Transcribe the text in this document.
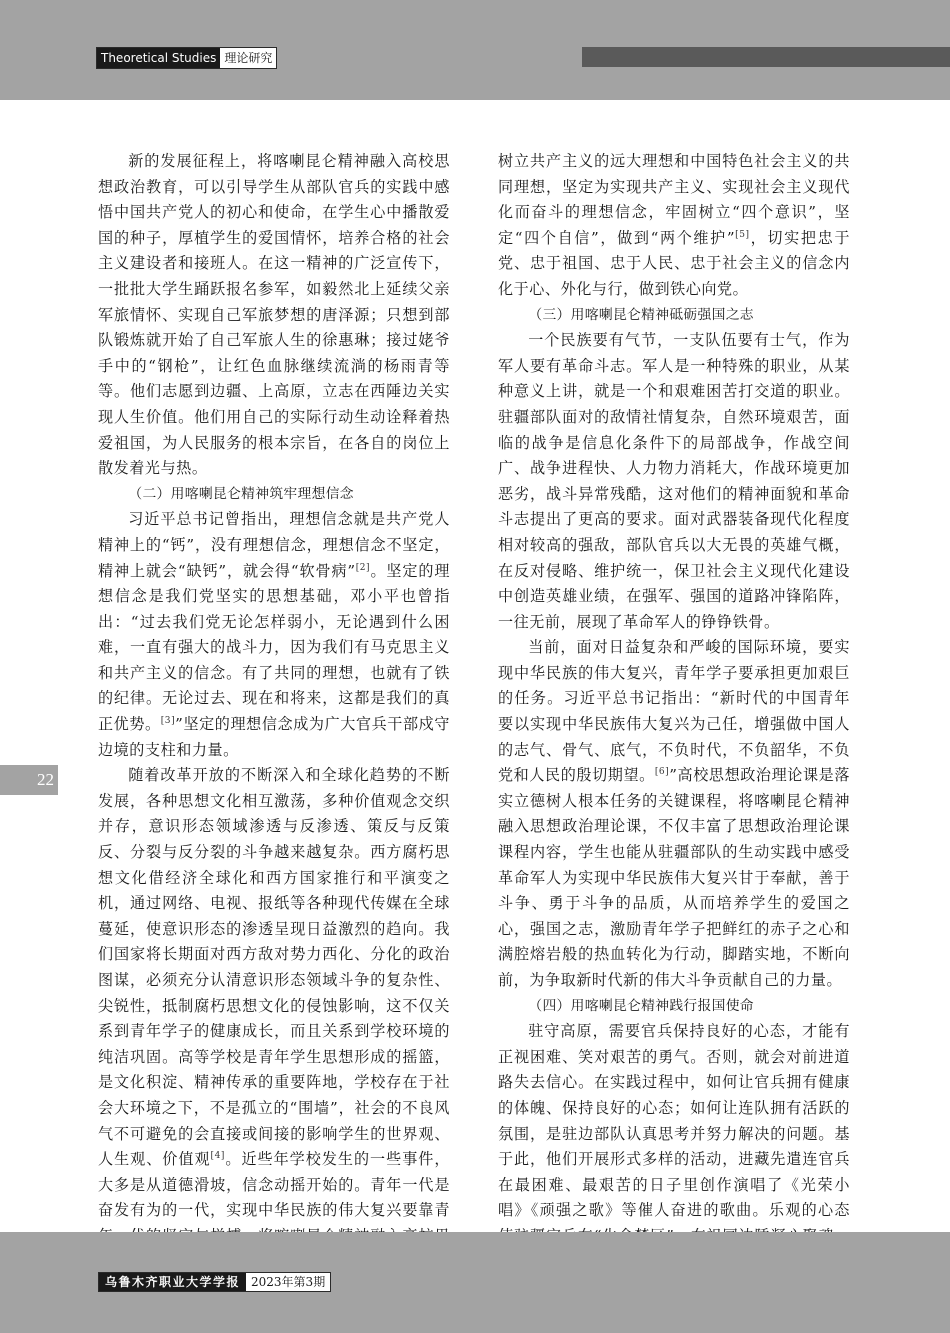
Theoretical Studies 理论研究
22

新的发展征程上，将喀喇昆仑精神融入高校思想政治教育，可以引导学生从部队官兵的实践中感悟中国共产党人的初心和使命，在学生心中播散爱国的种子，厚植学生的爱国情怀，培养合格的社会主义建设者和接班人。在这一精神的广泛宣传下，一批批大学生踊跃报名参军，如毅然北上延续父亲军旅情怀、实现自己军旅梦想的唐泽源；只想到部队锻炼就开始了自己军旅人生的徐惠琳；接过姥爷手中的“钢枪”，让红色血脉继续流淌的杨雨青等等。他们志愿到边疆、上高原，立志在西陲边关实现人生价值。他们用自己的实际行动生动诠释着热爱祖国，为人民服务的根本宗旨，在各自的岗位上散发着光与热。

（二）用喀喇昆仑精神筑牢理想信念

习近平总书记曾指出，理想信念就是共产党人精神上的“钙”，没有理想信念，理想信念不坚定，精神上就会“缺钙”，就会得“软骨病”[2]。坚定的理想信念是我们党坚实的思想基础，邓小平也曾指出：“过去我们党无论怎样弱小，无论遇到什么困难，一直有强大的战斗力，因为我们有马克思主义和共产主义的信念。有了共同的理想，也就有了铁的纪律。无论过去、现在和将来，这都是我们的真正优势。[3]”坚定的理想信念成为广大官兵干部戍守边境的支柱和力量。

随着改革开放的不断深入和全球化趋势的不断发展，各种思想文化相互激荡，多种价值观念交织并存，意识形态领域渗透与反渗透、策反与反策反、分裂与反分裂的斗争越来越复杂。西方腐朽思想文化借经济全球化和西方国家推行和平演变之机，通过网络、电视、报纸等各种现代传媒在全球蔓延，使意识形态的渗透呈现日益激烈的趋向。我们国家将长期面对西方敌对势力西化、分化的政治图谋，必须充分认清意识形态领域斗争的复杂性、尖锐性，抵制腐朽思想文化的侵蚀影响，这不仅关系到青年学子的健康成长，而且关系到学校环境的纯洁巩固。高等学校是青年学生思想形成的摇篮，是文化积淀、精神传承的重要阵地，学校存在于社会大环境之下，不是孤立的“围墙”，社会的不良风气不可避免的会直接或间接的影响学生的世界观、人生观、价值观[4]。近些年学校发生的一些事件，大多是从道德滑坡，信念动摇开始的。青年一代是奋发有为的一代，实现中华民族的伟大复兴要靠青

树立共产主义的远大理想和中国特色社会主义的共同理想，坚定为实现共产主义、实现社会主义现代化而奋斗的理想信念，牢固树立“四个意识”，坚定“四个自信”，做到“两个维护”[5]，切实把忠于党、忠于祖国、忠于人民、忠于社会主义的信念内化于心、外化与行，做到铁心向党。

（三）用喀喇昆仑精神砥砺强国之志

一个民族要有气节，一支队伍要有士气，作为军人要有革命斗志。军人是一种特殊的职业，从某种意义上讲，就是一个和艰难困苦打交道的职业。驻疆部队面对的敌情社情复杂，自然环境艰苦，面临的战争是信息化条件下的局部战争，作战空间广、战争进程快、人力物力消耗大，作战环境更加恶劣，战斗异常残酷，这对他们的精神面貌和革命斗志提出了更高的要求。面对武器装备现代化程度相对较高的强敌，部队官兵以大无畏的英雄气概，在反对侵略、维护统一，保卫社会主义现代化建设中创造英雄业绩，在强军、强国的道路冲锋陷阵，一往无前，展现了革命军人的铮铮铁骨。

当前，面对日益复杂和严峻的国际环境，要实现中华民族的伟大复兴，青年学子要承担更加艰巨的任务。习近平总书记指出：“新时代的中国青年要以实现中华民族伟大复兴为己任，增强做中国人的志气、骨气、底气，不负时代，不负韶华，不负党和人民的殷切期望。[6]”高校思想政治理论课是落实立德树人根本任务的关键课程，将喀喇昆仑精神融入思想政治理论课，不仅丰富了思想政治理论课课程内容，学生也能从驻疆部队的生动实践中感受革命军人为实现中华民族伟大复兴甘于奉献，善于斗争、勇于斗争的品质，从而培养学生的爱国之心，强国之志，激励青年学子把鲜红的赤子之心和满腔熔岩般的热血转化为行动，脚踏实地，不断向前，为争取新时代新的伟大斗争贡献自己的力量。

（四）用喀喇昆仑精神践行报国使命

驻守高原，需要官兵保持良好的心态，才能有正视困难、笑对艰苦的勇气。否则，就会对前进道路失去信心。在实践过程中，如何让官兵拥有健康的体魄、保持良好的心态；如何让连队拥有活跃的氛围，是驻边部队认真思考并努力解决的问题。基于此，他们开展形式多样的活动，进藏先遣连官兵在最困难、最艰苦的日子里创作演唱了《光荣小唱》《顽强之歌》等催人奋进的歌曲。乐观的心态

乌鲁木齐职业大学学报 2023年第3期
